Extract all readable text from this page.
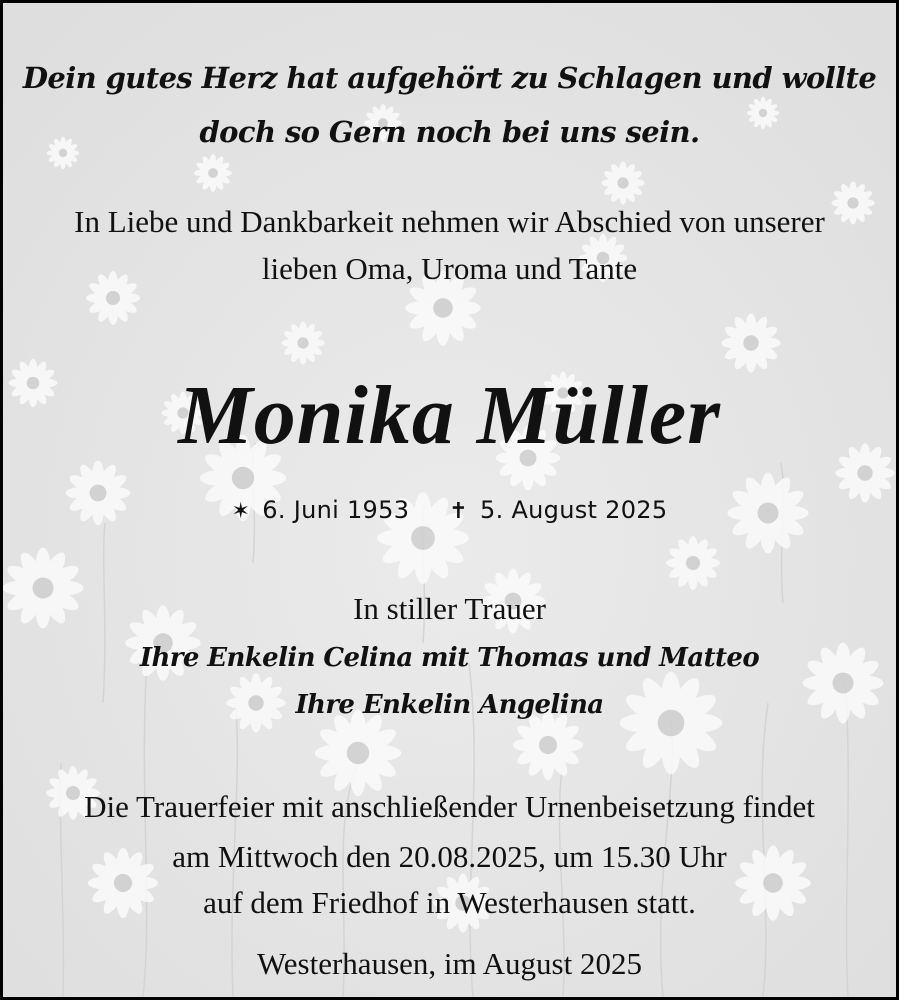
Dein gutes Herz hat aufgehört zu Schlagen und wollte
doch so Gern noch bei uns sein.
In Liebe und Dankbarkeit nehmen wir Abschied von unserer
lieben Oma, Uroma und Tante
Monika Müller
✶ 6. Juni 1953 ✝ 5. August 2025
In stiller Trauer
Ihre Enkelin Celina mit Thomas und Matteo
Ihre Enkelin Angelina
Die Trauerfeier mit anschließender Urnenbeisetzung findet
am Mittwoch den 20.08.2025, um 15.30 Uhr
auf dem Friedhof in Westerhausen statt.
Westerhausen, im August 2025
